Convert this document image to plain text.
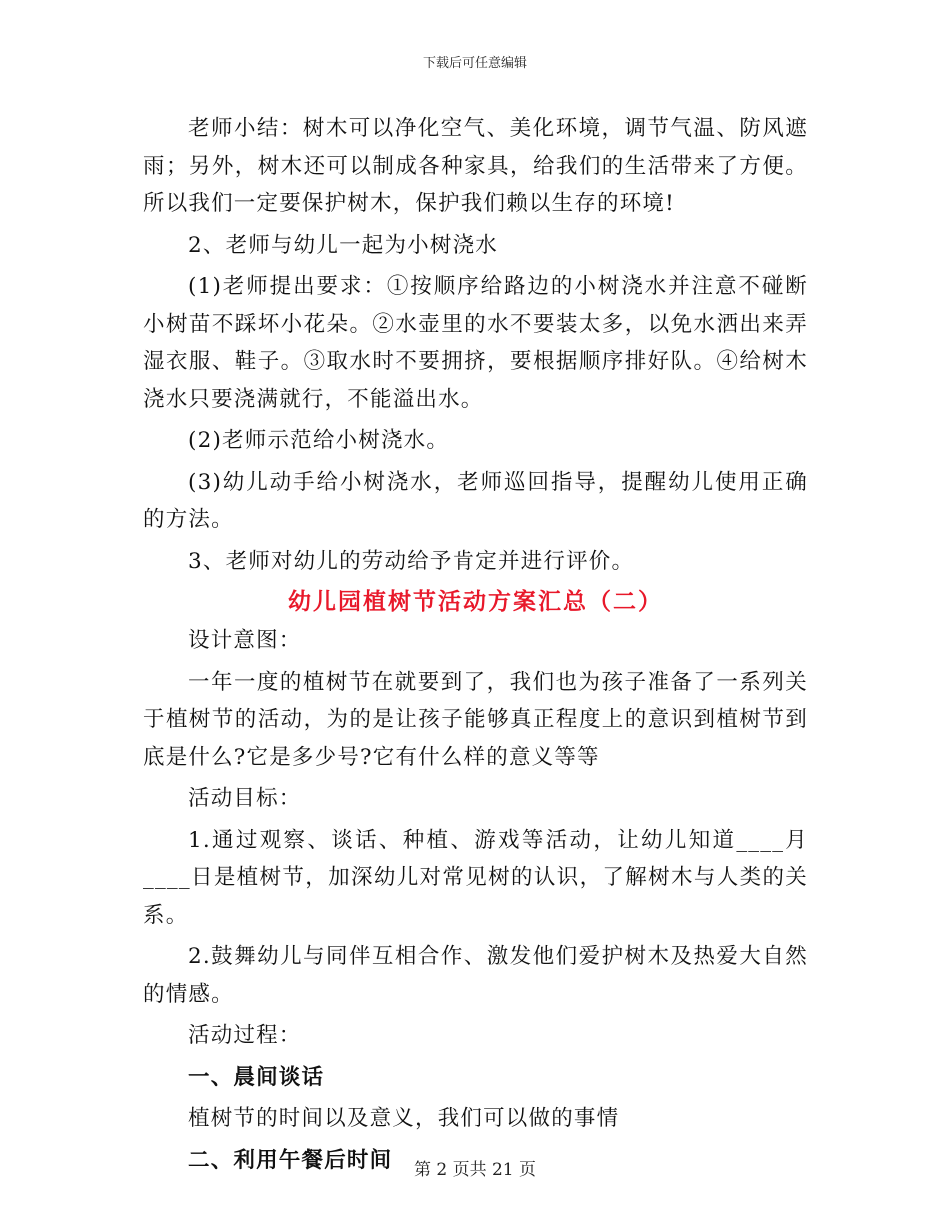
下载后可任意编辑

老师小结：树木可以净化空气、美化环境，调节气温、防风遮雨；另外，树木还可以制成各种家具，给我们的生活带来了方便。所以我们一定要保护树木，保护我们赖以生存的环境!

2、老师与幼儿一起为小树浇水

(1)老师提出要求：①按顺序给路边的小树浇水并注意不碰断小树苗不踩坏小花朵。②水壶里的水不要装太多，以免水洒出来弄湿衣服、鞋子。③取水时不要拥挤，要根据顺序排好队。④给树木浇水只要浇满就行，不能溢出水。

(2)老师示范给小树浇水。

(3)幼儿动手给小树浇水，老师巡回指导，提醒幼儿使用正确的方法。

3、老师对幼儿的劳动给予肯定并进行评价。

幼儿园植树节活动方案汇总（二）

设计意图：

一年一度的植树节在就要到了，我们也为孩子准备了一系列关于植树节的活动，为的是让孩子能够真正程度上的意识到植树节到底是什么?它是多少号?它有什么样的意义等等

活动目标：

1.通过观察、谈话、种植、游戏等活动，让幼儿知道____月____日是植树节，加深幼儿对常见树的认识，了解树木与人类的关系。

2.鼓舞幼儿与同伴互相合作、激发他们爱护树木及热爱大自然的情感。

活动过程：

一、晨间谈话

植树节的时间以及意义，我们可以做的事情

二、利用午餐后时间	第 2 页共 21 页
